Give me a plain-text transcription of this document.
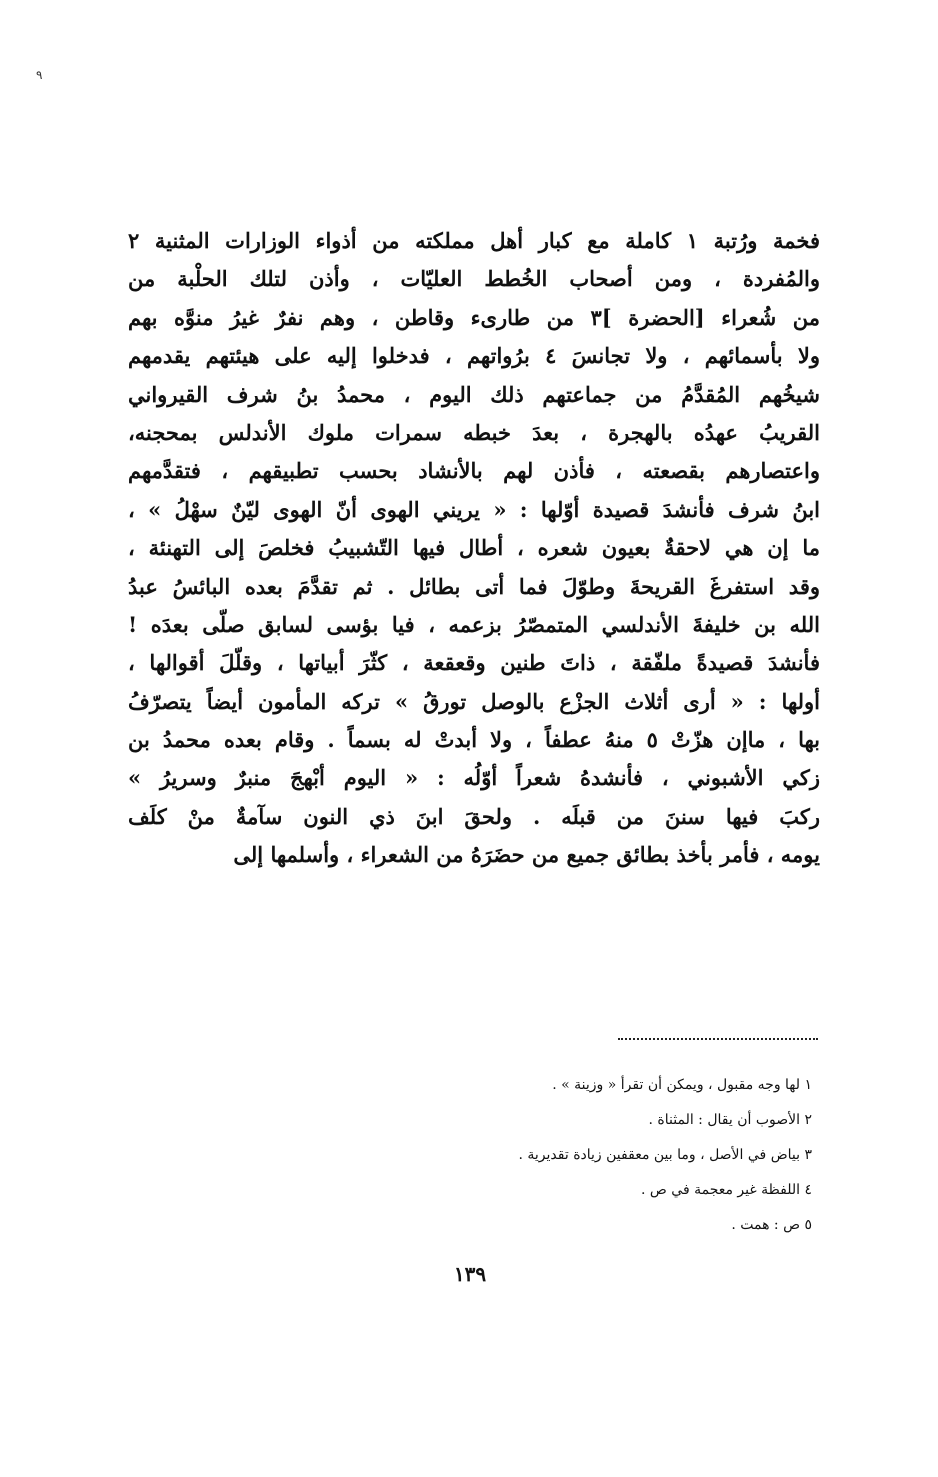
٩
فخمة ورُتبة ١ كاملة مع كبار أهل مملكته من أذواء الوزارات المثنية ٢
والمُفردة ، ومن أصحاب الخُطط العليّات ، وأذن لتلك الحلْبة من
من شُعراء [الحضرة ]٣ من طارىء وقاطن ، وهم نفرٌ غيرُ منوَّه بهم
ولا بأسمائهم ، ولا تجانسَ ٤ برُواتهم ، فدخلوا إليه على هيئتهم يقدمهم
شيخُهم المُقدَّمُ من جماعتهم ذلك اليوم ، محمدُ بنُ شرف القيرواني
القريبُ عهدُه بالهجرة ، بعدَ خبطه سمرات ملوك الأندلس بمحجنه،
واعتصارهم بقصعته ، فأذن لهم بالأنشاد بحسب تطبيقهم ، فتقدَّمهم
ابنُ شرف فأنشدَ قصيدة أوّلها : « يريني الهوى أنّ الهوى ليّنٌ سهْلُ » ،
ما إن هي لاحقةٌ بعيون شعره ، أطال فيها التّشبيبُ فخلصَ إلى التهنئة ،
وقد استفرغَ القريحةَ وطوّلَ فما أتى بطائل . ثم تقدَّمَ بعده البائسُ عبدُ
الله بن خليفةَ الأندلسي المتمصّرُ بزعمه ، فيا بؤسى لسابق صلّى بعدَه !
فأنشدَ قصيدةً ملفّقة ، ذاتَ طنين وقعقعة ، كثّرَ أبياتها ، وقلّلَ أقوالها ،
أولها : « أرى أثلاث الجزْع بالوصل تورقُ » تركه المأمون أيضاً يتصرّفُ
بها ، ماإن هزّتْ ٥ منهُ عطفاً ، ولا أبدتْ له بسماً . وقام بعده محمدُ بن
زكي الأشبوني ، فأنشدهُ شعراً أوّلُه : « اليوم أبْهجَ منبرٌ وسريرُ »
ركبَ فيها سننَ من قبلَه . ولحقَ ابنَ ذي النون سآمةٌ منْ كلَف
يومه ، فأمر بأخذ بطائق جميع من حضَرَهُ من الشعراء ، وأسلمها إلى
١ لها وجه مقبول ، ويمكن أن تقرأ « وزينة » .
٢ الأصوب أن يقال : المثناة .
٣ بياض في الأصل ، وما بين معقفين زيادة تقديرية .
٤ اللفظة غير معجمة في ص .
٥ ص : همت .
١٣٩
